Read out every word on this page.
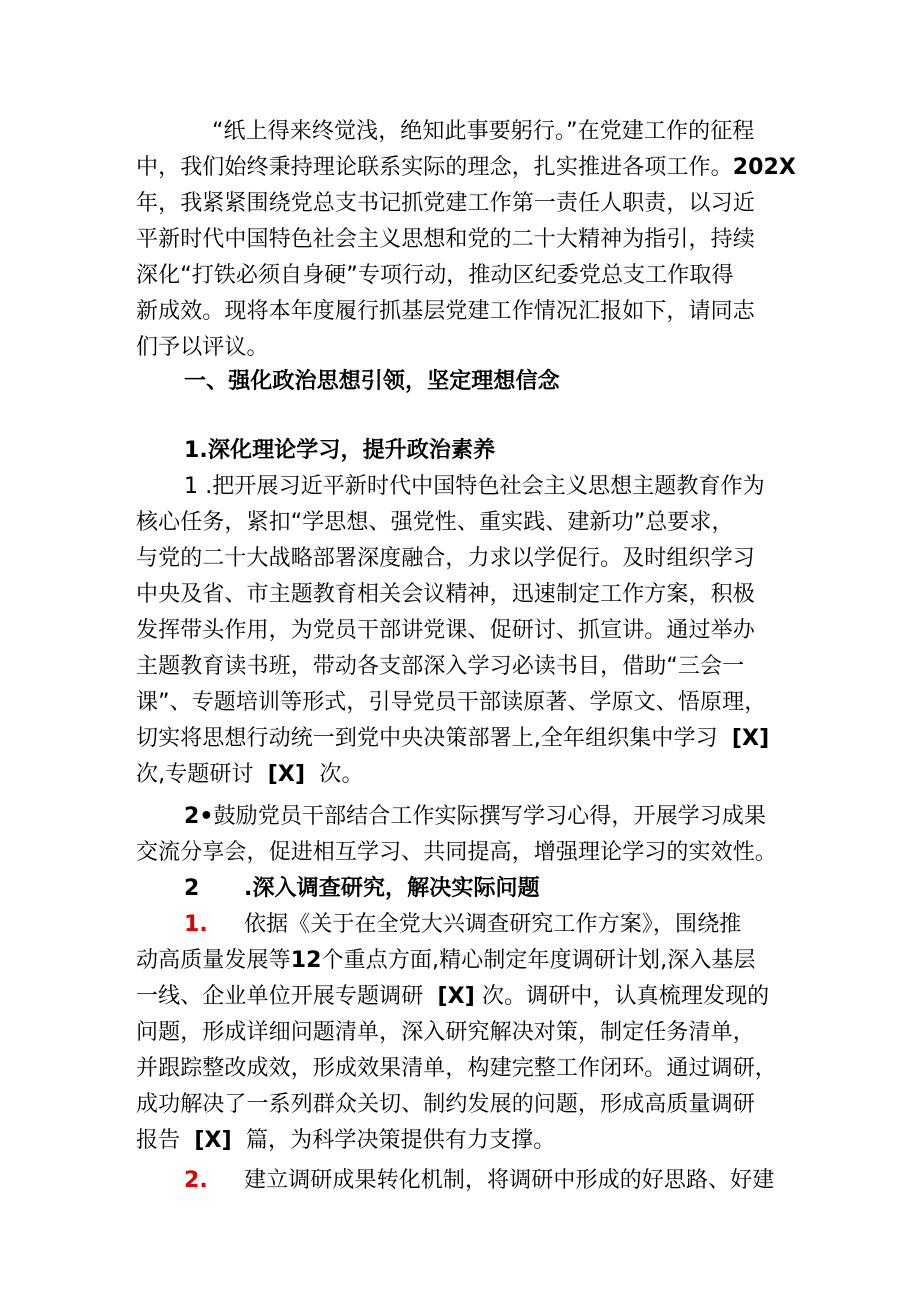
“纸上得来终觉浅，绝知此事要躬行。”在党建工作的征程
中，我们始终秉持理论联系实际的理念，扎实推进各项工作。202X
年，我紧紧围绕党总支书记抓党建工作第一责任人职责，以习近
平新时代中国特色社会主义思想和党的二十大精神为指引，持续
深化“打铁必须自身硬”专项行动，推动区纪委党总支工作取得
新成效。现将本年度履行抓基层党建工作情况汇报如下，请同志
们予以评议。
一、强化政治思想引领，坚定理想信念
1.深化理论学习，提升政治素养
1 .把开展习近平新时代中国特色社会主义思想主题教育作为
核心任务，紧扣“学思想、强党性、重实践、建新功”总要求，
与党的二十大战略部署深度融合，力求以学促行。及时组织学习
中央及省、市主题教育相关会议精神，迅速制定工作方案，积极
发挥带头作用，为党员干部讲党课、促研讨、抓宣讲。通过举办
主题教育读书班，带动各支部深入学习必读书目，借助“三会一
课”、专题培训等形式，引导党员干部读原著、学原文、悟原理，
切实将思想行动统一到党中央决策部署上,全年组织集中学习 [X]
次,专题研讨 [X] 次。
2•鼓励党员干部结合工作实际撰写学习心得，开展学习成果
交流分享会，促进相互学习、共同提高，增强理论学习的实效性。
2 .深入调查研究，解决实际问题
1. 依据《关于在全党大兴调查研究工作方案》，围绕推
动高质量发展等12个重点方面,精心制定年度调研计划,深入基层
一线、企业单位开展专题调研 [X] 次。调研中，认真梳理发现的
问题，形成详细问题清单，深入研究解决对策，制定任务清单，
并跟踪整改成效，形成效果清单，构建完整工作闭环。通过调研，
成功解决了一系列群众关切、制约发展的问题，形成高质量调研
报告 [X] 篇，为科学决策提供有力支撑。
2. 建立调研成果转化机制，将调研中形成的好思路、好建
